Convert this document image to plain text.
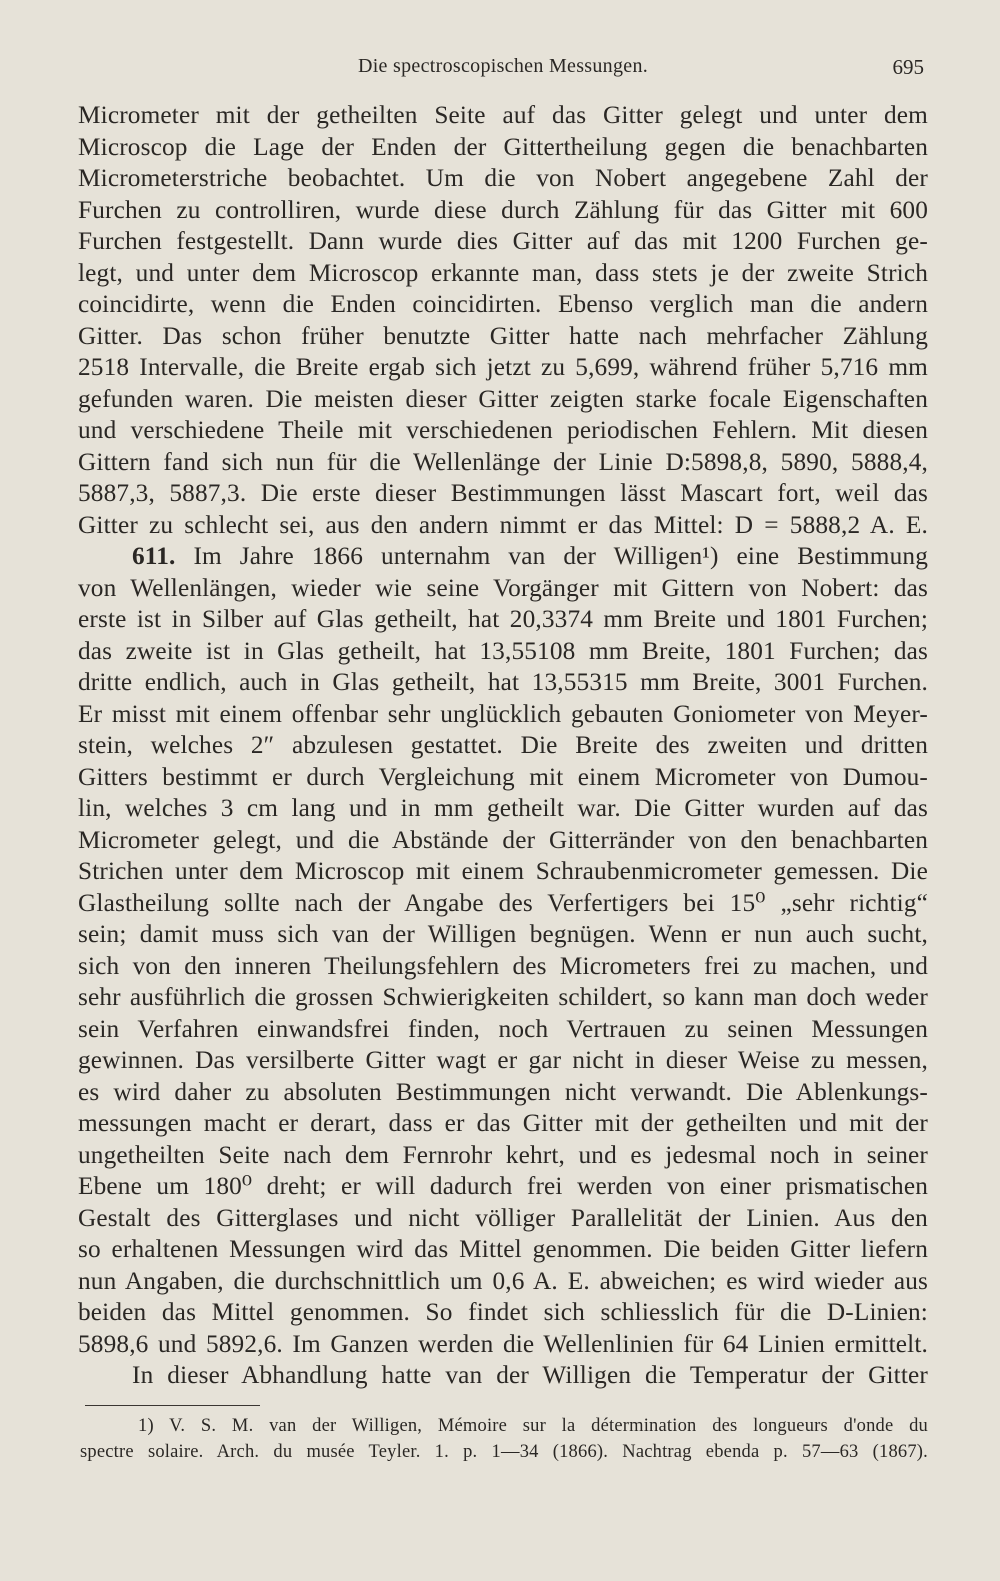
Die spectroscopischen Messungen.	695
Micrometer mit der getheilten Seite auf das Gitter gelegt und unter dem
Microscop die Lage der Enden der Gittertheilung gegen die benachbarten
Micrometerstriche beobachtet. Um die von Nobert angegebene Zahl der
Furchen zu controlliren, wurde diese durch Zählung für das Gitter mit 600
Furchen festgestellt. Dann wurde dies Gitter auf das mit 1200 Furchen ge-
legt, und unter dem Microscop erkannte man, dass stets je der zweite Strich
coincidirte, wenn die Enden coincidirten. Ebenso verglich man die andern
Gitter. Das schon früher benutzte Gitter hatte nach mehrfacher Zählung
2518 Intervalle, die Breite ergab sich jetzt zu 5,699, während früher 5,716 mm
gefunden waren. Die meisten dieser Gitter zeigten starke focale Eigenschaften
und verschiedene Theile mit verschiedenen periodischen Fehlern. Mit diesen
Gittern fand sich nun für die Wellenlänge der Linie D:5898,8, 5890, 5888,4,
5887,3, 5887,3. Die erste dieser Bestimmungen lässt Mascart fort, weil das
Gitter zu schlecht sei, aus den andern nimmt er das Mittel: D = 5888,2 A. E.
611. Im Jahre 1866 unternahm van der Willigen¹) eine Bestimmung
von Wellenlängen, wieder wie seine Vorgänger mit Gittern von Nobert: das
erste ist in Silber auf Glas getheilt, hat 20,3374 mm Breite und 1801 Furchen;
das zweite ist in Glas getheilt, hat 13,55108 mm Breite, 1801 Furchen; das
dritte endlich, auch in Glas getheilt, hat 13,55315 mm Breite, 3001 Furchen.
Er misst mit einem offenbar sehr unglücklich gebauten Goniometer von Meyer-
stein, welches 2″ abzulesen gestattet. Die Breite des zweiten und dritten
Gitters bestimmt er durch Vergleichung mit einem Micrometer von Dumou-
lin, welches 3 cm lang und in mm getheilt war. Die Gitter wurden auf das
Micrometer gelegt, und die Abstände der Gitterränder von den benachbarten
Strichen unter dem Microscop mit einem Schraubenmicrometer gemessen. Die
Glastheilung sollte nach der Angabe des Verfertigers bei 15⁰ „sehr richtig“
sein; damit muss sich van der Willigen begnügen. Wenn er nun auch sucht,
sich von den inneren Theilungsfehlern des Micrometers frei zu machen, und
sehr ausführlich die grossen Schwierigkeiten schildert, so kann man doch weder
sein Verfahren einwandsfrei finden, noch Vertrauen zu seinen Messungen
gewinnen. Das versilberte Gitter wagt er gar nicht in dieser Weise zu messen,
es wird daher zu absoluten Bestimmungen nicht verwandt. Die Ablenkungs-
messungen macht er derart, dass er das Gitter mit der getheilten und mit der
ungetheilten Seite nach dem Fernrohr kehrt, und es jedesmal noch in seiner
Ebene um 180⁰ dreht; er will dadurch frei werden von einer prismatischen
Gestalt des Gitterglases und nicht völliger Parallelität der Linien. Aus den
so erhaltenen Messungen wird das Mittel genommen. Die beiden Gitter liefern
nun Angaben, die durchschnittlich um 0,6 A. E. abweichen; es wird wieder aus
beiden das Mittel genommen. So findet sich schliesslich für die D-Linien:
5898,6 und 5892,6. Im Ganzen werden die Wellenlinien für 64 Linien ermittelt.
In dieser Abhandlung hatte van der Willigen die Temperatur der Gitter
1) V. S. M. van der Willigen, Mémoire sur la détermination des longueurs d'onde du
spectre solaire. Arch. du musée Teyler. 1. p. 1—34 (1866). Nachtrag ebenda p. 57—63 (1867).
